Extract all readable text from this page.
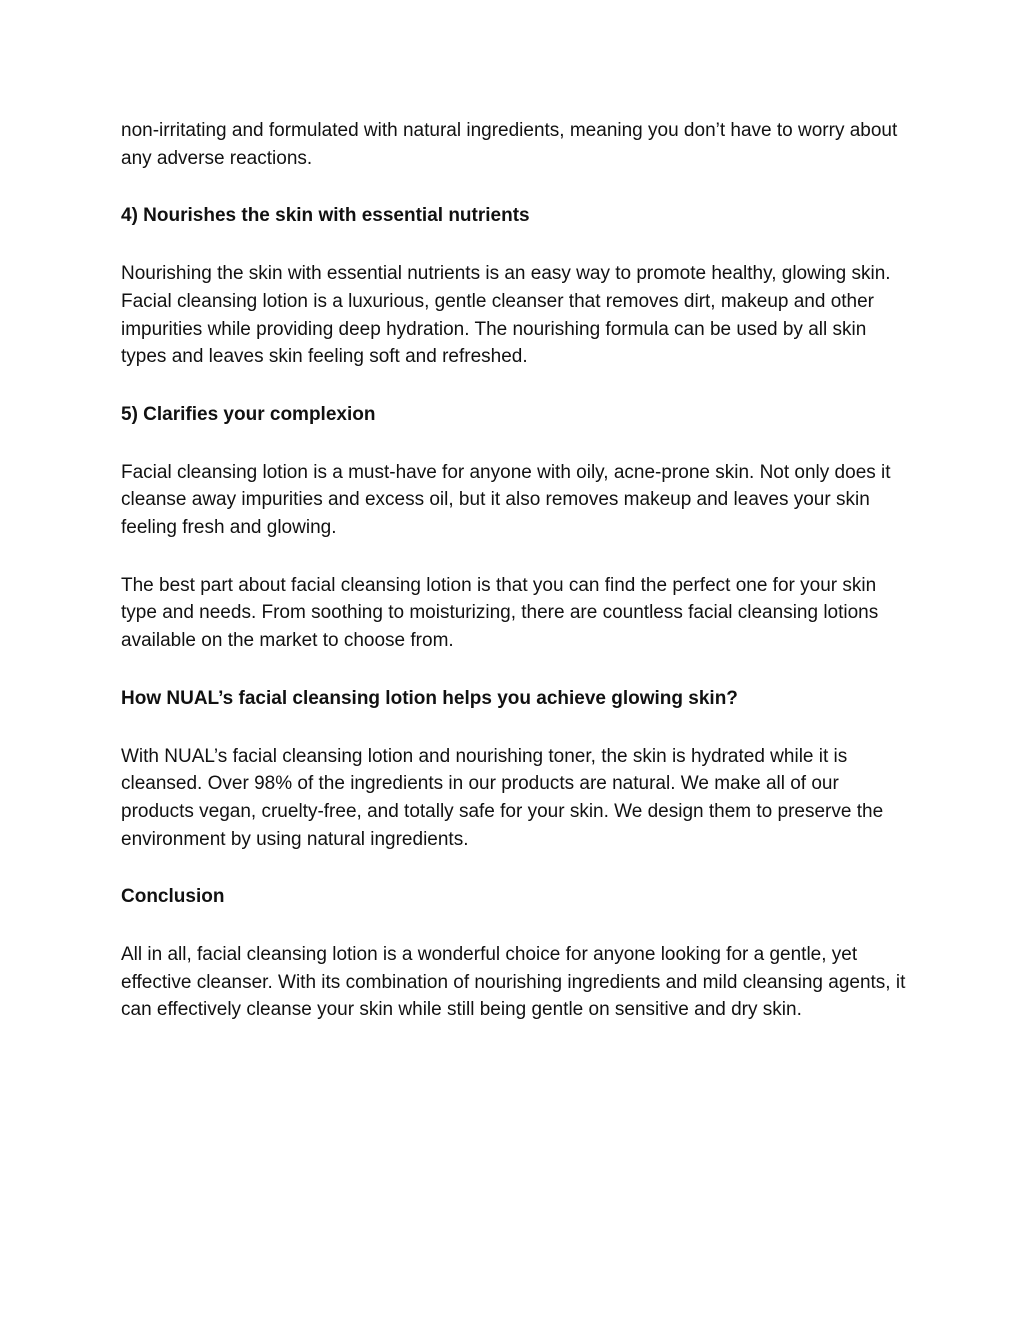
non-irritating and formulated with natural ingredients, meaning you don’t have to worry about any adverse reactions.

4) Nourishes the skin with essential nutrients

Nourishing the skin with essential nutrients is an easy way to promote healthy, glowing skin. Facial cleansing lotion is a luxurious, gentle cleanser that removes dirt, makeup and other impurities while providing deep hydration. The nourishing formula can be used by all skin types and leaves skin feeling soft and refreshed.

5) Clarifies your complexion

Facial cleansing lotion is a must-have for anyone with oily, acne-prone skin. Not only does it cleanse away impurities and excess oil, but it also removes makeup and leaves your skin feeling fresh and glowing.

The best part about facial cleansing lotion is that you can find the perfect one for your skin type and needs. From soothing to moisturizing, there are countless facial cleansing lotions available on the market to choose from.

How NUAL’s facial cleansing lotion helps you achieve glowing skin?

With NUAL’s facial cleansing lotion and nourishing toner, the skin is hydrated while it is cleansed. Over 98% of the ingredients in our products are natural. We make all of our products vegan, cruelty-free, and totally safe for your skin. We design them to preserve the environment by using natural ingredients.

Conclusion

All in all, facial cleansing lotion is a wonderful choice for anyone looking for a gentle, yet effective cleanser. With its combination of nourishing ingredients and mild cleansing agents, it can effectively cleanse your skin while still being gentle on sensitive and dry skin.
